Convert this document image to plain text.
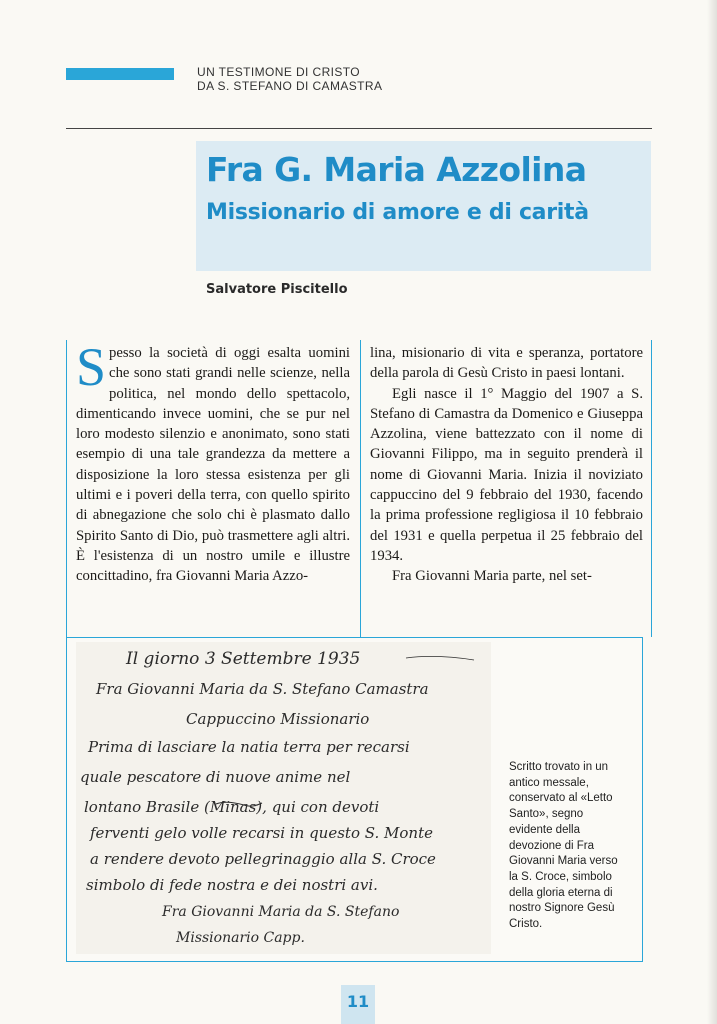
UN TESTIMONE DI CRISTO
DA S. STEFANO DI CAMASTRA
Fra G. Maria Azzolina
Missionario di amore e di carità
Salvatore Piscitello

Spesso la società di oggi esalta uomini che sono stati grandi nelle scienze, nella politica, nel mondo dello spettacolo, dimenticando invece uomini, che se pur nel loro modesto silenzio e anonimato, sono stati esempio di una tale grandezza da mettere a disposizione la loro stessa esistenza per gli ultimi e i poveri della terra, con quello spirito di abnegazione che solo chi è plasmato dallo Spirito Santo di Dio, può trasmettere agli altri. È l'esistenza di un nostro umile e illustre concittadino, fra Giovanni Maria Azzo-

lina, misionario di vita e speranza, portatore della parola di Gesù Cristo in paesi lontani.

Egli nasce il 1° Maggio del 1907 a S. Stefano di Camastra da Domenico e Giuseppa Azzolina, viene battezzato con il nome di Giovanni Filippo, ma in seguito prenderà il nome di Giovanni Maria. Inizia il noviziato cappuccino del 9 febbraio del 1930, facendo la prima professione regligiosa il 10 febbraio del 1931 e quella perpetua il 25 febbraio del 1934.

Fra Giovanni Maria parte, nel set-

Il giorno 3 Settembre 1935
Fra Giovanni Maria da S. Stefano Camastra
Cappuccino Missionario
Prima di lasciare la natia terra per recarsi
quale pescatore di nuove anime nel
lontano Brasile (Minas), qui con devoti
ferventi gelo volle recarsi in questo S. Monte
a rendere devoto pellegrinaggio alla S. Croce
simbolo di fede nostra e dei nostri avi.
Fra Giovanni Maria da S. Stefano
Missionario Capp.
Scritto trovato in un antico messale, conservato al «Letto Santo», segno evidente della devozione di Fra Giovanni Maria verso la S. Croce, simbolo della gloria eterna di nostro Signore Gesù Cristo.
11
